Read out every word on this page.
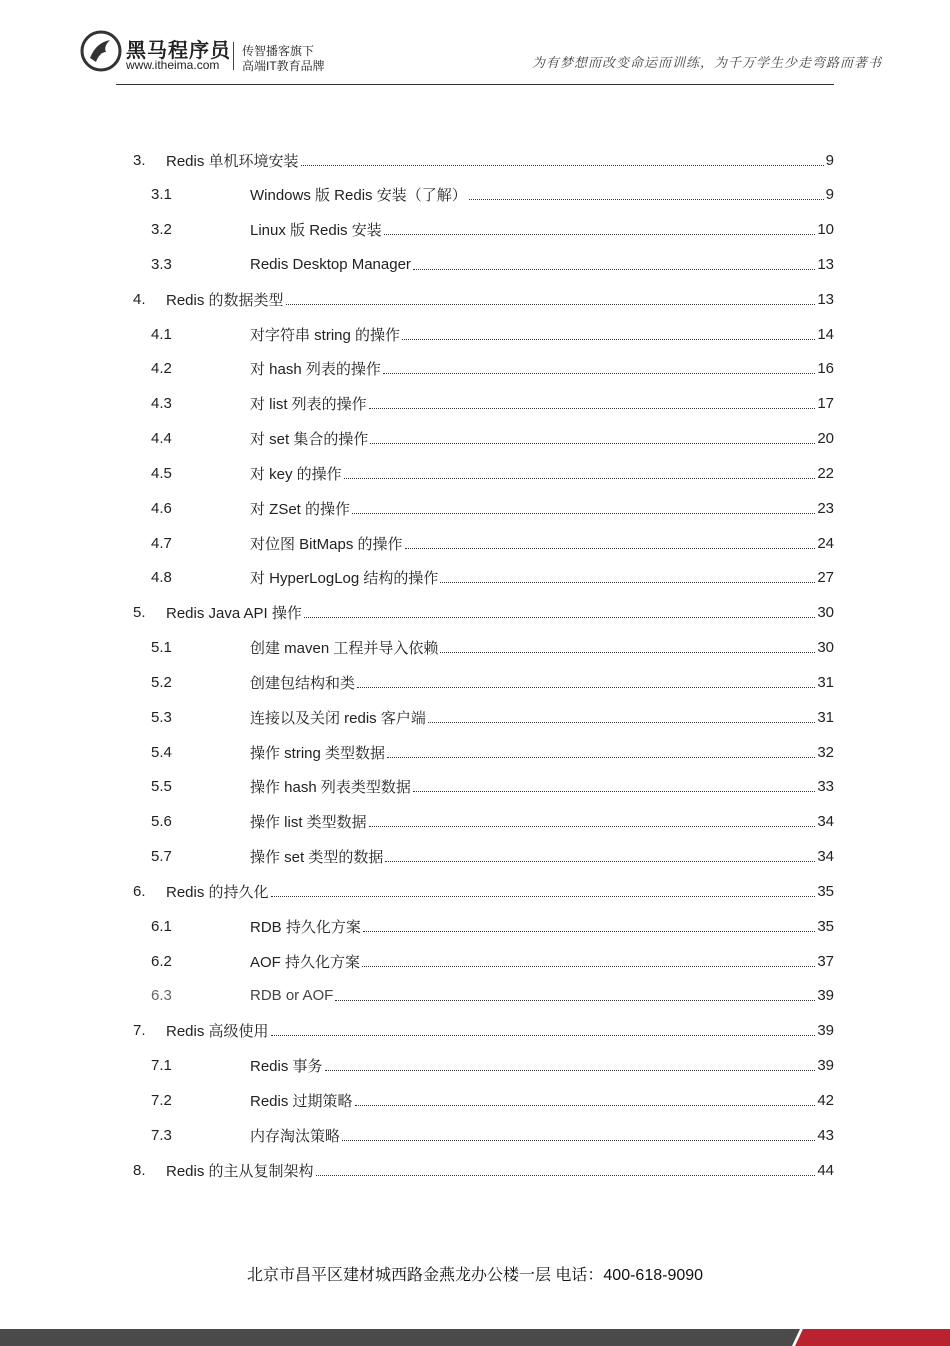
黑马程序员
www.itheima.com
传智播客旗下
高端IT教育品牌	为有梦想而改变命运而训练，为千万学生少走弯路而著书
3. Redis 单机环境安装	9
3.1	Windows 版 Redis 安装（了解）	9
3.2	Linux 版 Redis 安装	10
3.3	Redis Desktop Manager	13
4. Redis 的数据类型	13
4.1	对字符串 string 的操作	14
4.2	对 hash 列表的操作	16
4.3	对 list 列表的操作	17
4.4	对 set 集合的操作	20
4.5	对 key 的操作	22
4.6	对 ZSet 的操作	23
4.7	对位图 BitMaps 的操作	24
4.8	对 HyperLogLog 结构的操作	27
5. Redis Java API 操作	30
5.1	创建 maven 工程并导入依赖	30
5.2	创建包结构和类	31
5.3	连接以及关闭 redis 客户端	31
5.4	操作 string 类型数据	32
5.5	操作 hash 列表类型数据	33
5.6	操作 list 类型数据	34
5.7	操作 set 类型的数据	34
6. Redis 的持久化	35
6.1	RDB 持久化方案	35
6.2	AOF 持久化方案	37
6.3	RDB or AOF	39
7. Redis 高级使用	39
7.1	Redis 事务	39
7.2	Redis 过期策略	42
7.3	内存淘汰策略	43
8. Redis 的主从复制架构	44
北京市昌平区建材城西路金燕龙办公楼一层 电话：400-618-9090
